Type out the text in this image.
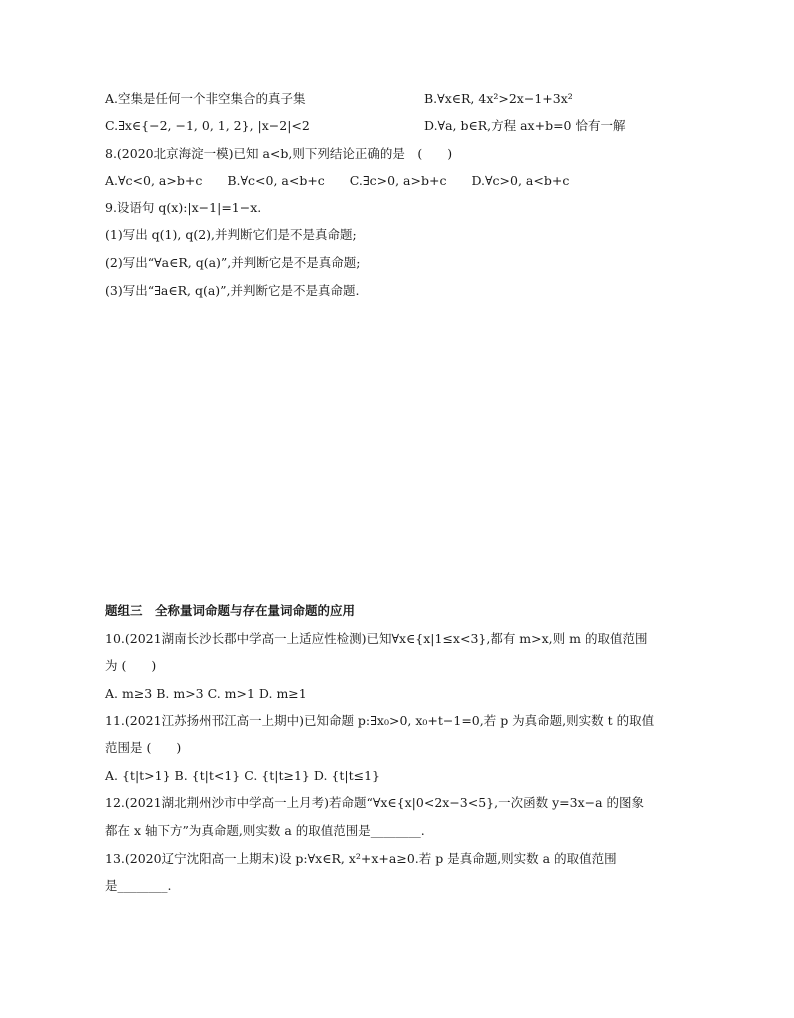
A.空集是任何一个非空集合的真子集	B.∀x∈R, 4x²>2x−1+3x²
C.∃x∈{−2, −1, 0, 1, 2}, |x−2|<2	D.∀a, b∈R,方程 ax+b=0 恰有一解
8.(2020北京海淀一模)已知 a<b,则下列结论正确的是　(　　)
A.∀c<0, a>b+c　　B.∀c<0, a<b+c　　C.∃c>0, a>b+c　　D.∀c>0, a<b+c
9.设语句 q(x):|x−1|=1−x.
(1)写出 q(1), q(2),并判断它们是不是真命题;
(2)写出“∀a∈R, q(a)”,并判断它是不是真命题;
(3)写出“∃a∈R, q(a)”,并判断它是不是真命题.
题组三　全称量词命题与存在量词命题的应用
10.(2021湖南长沙长郡中学高一上适应性检测)已知∀x∈{x|1≤x<3},都有 m>x,则 m 的取值范围
为 (　　)
A. m≥3 B. m>3 C. m>1 D. m≥1
11.(2021江苏扬州邗江高一上期中)已知命题 p:∃x₀>0, x₀+t−1=0,若 p 为真命题,则实数 t 的取值
范围是 (　　)
A. {t|t>1} B. {t|t<1} C. {t|t≥1} D. {t|t≤1}
12.(2021湖北荆州沙市中学高一上月考)若命题“∀x∈{x|0<2x−3<5},一次函数 y=3x−a 的图象
都在 x 轴下方”为真命题,则实数 a 的取值范围是________.
13.(2020辽宁沈阳高一上期末)设 p:∀x∈R, x²+x+a≥0.若 p 是真命题,则实数 a 的取值范围
是________.
